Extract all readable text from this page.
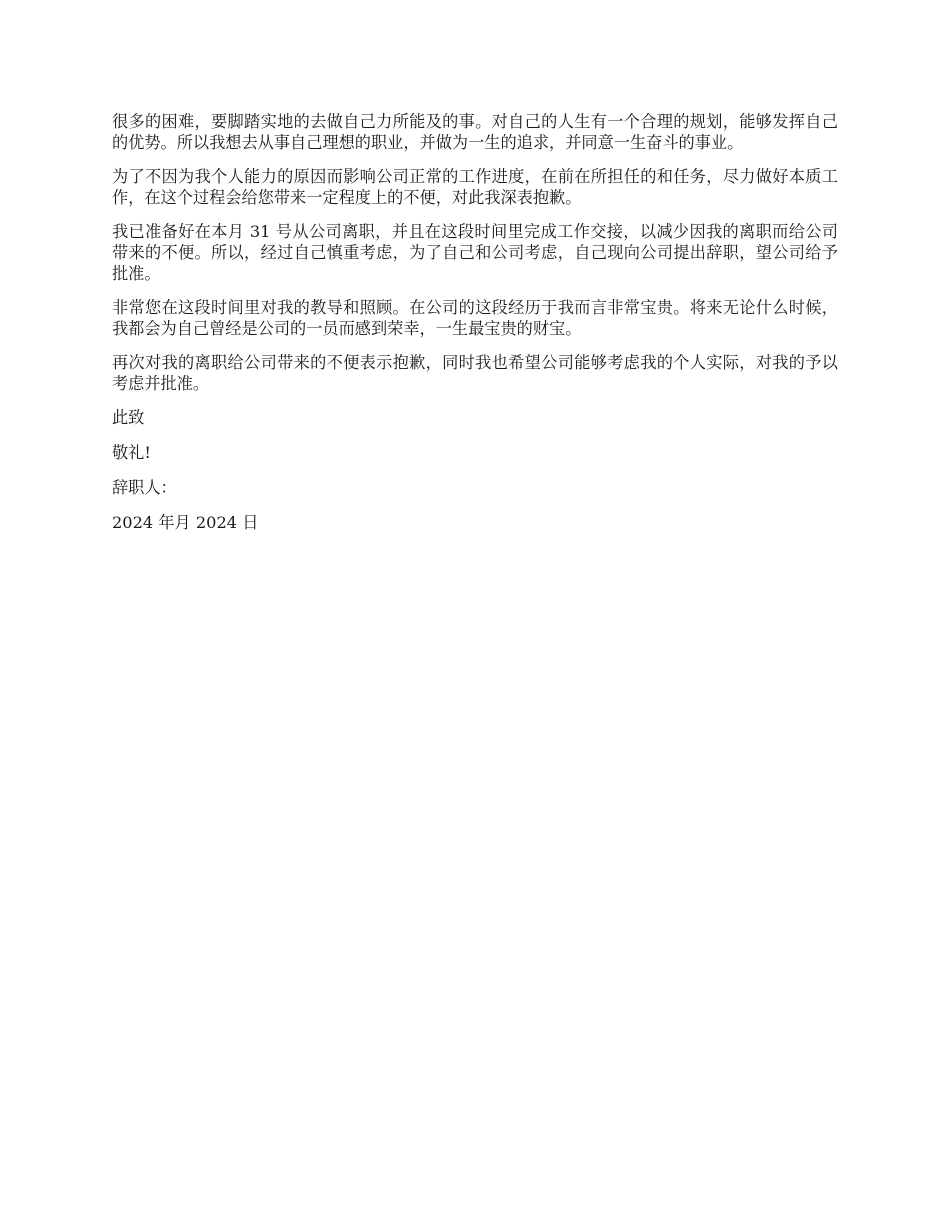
很多的困难，要脚踏实地的去做自己力所能及的事。对自己的人生有一个合理的规划，能够发挥自己的优势。所以我想去从事自己理想的职业，并做为一生的追求，并同意一生奋斗的事业。

为了不因为我个人能力的原因而影响公司正常的工作进度，在前在所担任的和任务，尽力做好本质工作，在这个过程会给您带来一定程度上的不便，对此我深表抱歉。

我已准备好在本月 31 号从公司离职，并且在这段时间里完成工作交接，以减少因我的离职而给公司带来的不便。所以，经过自己慎重考虑，为了自己和公司考虑，自己现向公司提出辞职，望公司给予批准。

非常您在这段时间里对我的教导和照顾。在公司的这段经历于我而言非常宝贵。将来无论什么时候，我都会为自己曾经是公司的一员而感到荣幸，一生最宝贵的财宝。

再次对我的离职给公司带来的不便表示抱歉，同时我也希望公司能够考虑我的个人实际，对我的予以考虑并批准。

此致

敬礼!

辞职人：

2024 年月 2024 日
